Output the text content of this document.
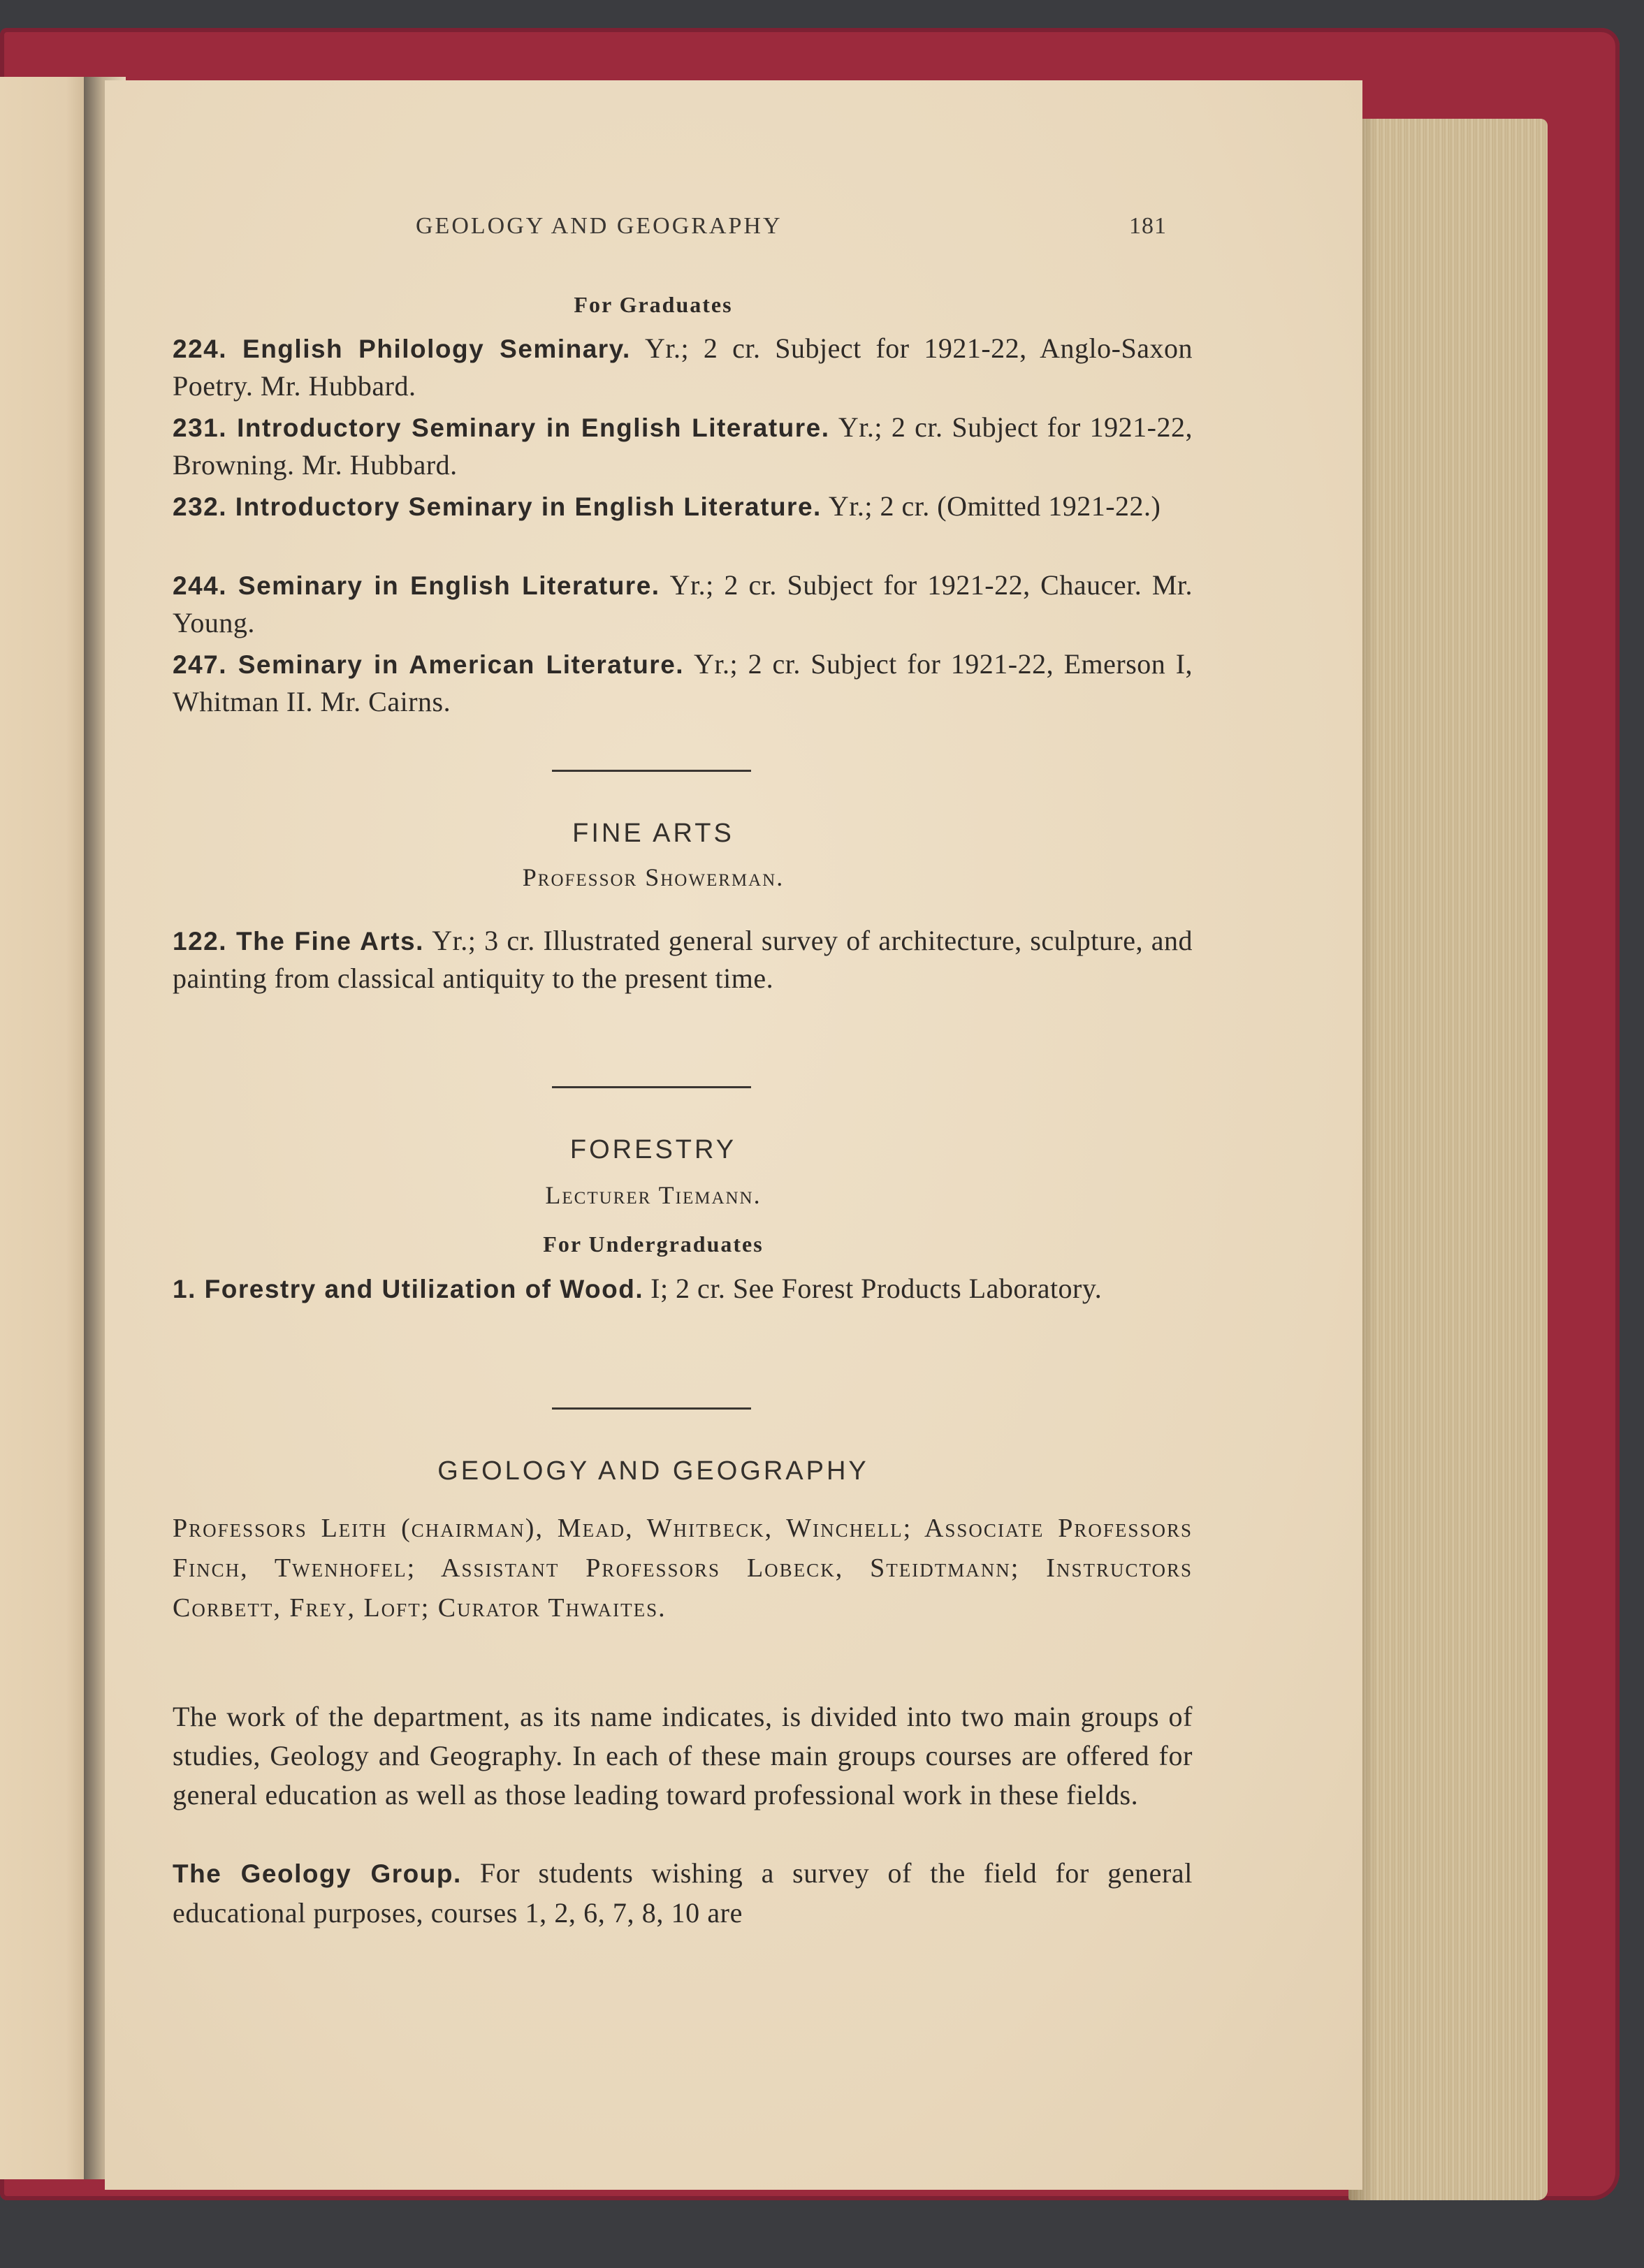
GEOLOGY AND GEOGRAPHY	181
For Graduates
224. English Philology Seminary. Yr.; 2 cr. Subject for 1921-22, Anglo-Saxon Poetry. Mr. Hubbard.
231. Introductory Seminary in English Literature. Yr.; 2 cr. Subject for 1921-22, Browning. Mr. Hubbard.
232. Introductory Seminary in English Literature. Yr.; 2 cr. (Omitted 1921-22.)
244. Seminary in English Literature. Yr.; 2 cr. Subject for 1921-22, Chaucer. Mr. Young.
247. Seminary in American Literature. Yr.; 2 cr. Subject for 1921-22, Emerson I, Whitman II. Mr. Cairns.
FINE ARTS
Professor Showerman.
122. The Fine Arts. Yr.; 3 cr. Illustrated general survey of architecture, sculpture, and painting from classical antiquity to the present time.
FORESTRY
Lecturer Tiemann.
For Undergraduates
1. Forestry and Utilization of Wood. I; 2 cr. See Forest Products Laboratory.
GEOLOGY AND GEOGRAPHY
Professors Leith (chairman), Mead, Whitbeck, Winchell; Associate Professors Finch, Twenhofel; Assistant Professors Lobeck, Steidtmann; Instructors Corbett, Frey, Loft; Curator Thwaites.
The work of the department, as its name indicates, is divided into two main groups of studies, Geology and Geography. In each of these main groups courses are offered for general education as well as those leading toward professional work in these fields.
The Geology Group. For students wishing a survey of the field for general educational purposes, courses 1, 2, 6, 7, 8, 10 are
